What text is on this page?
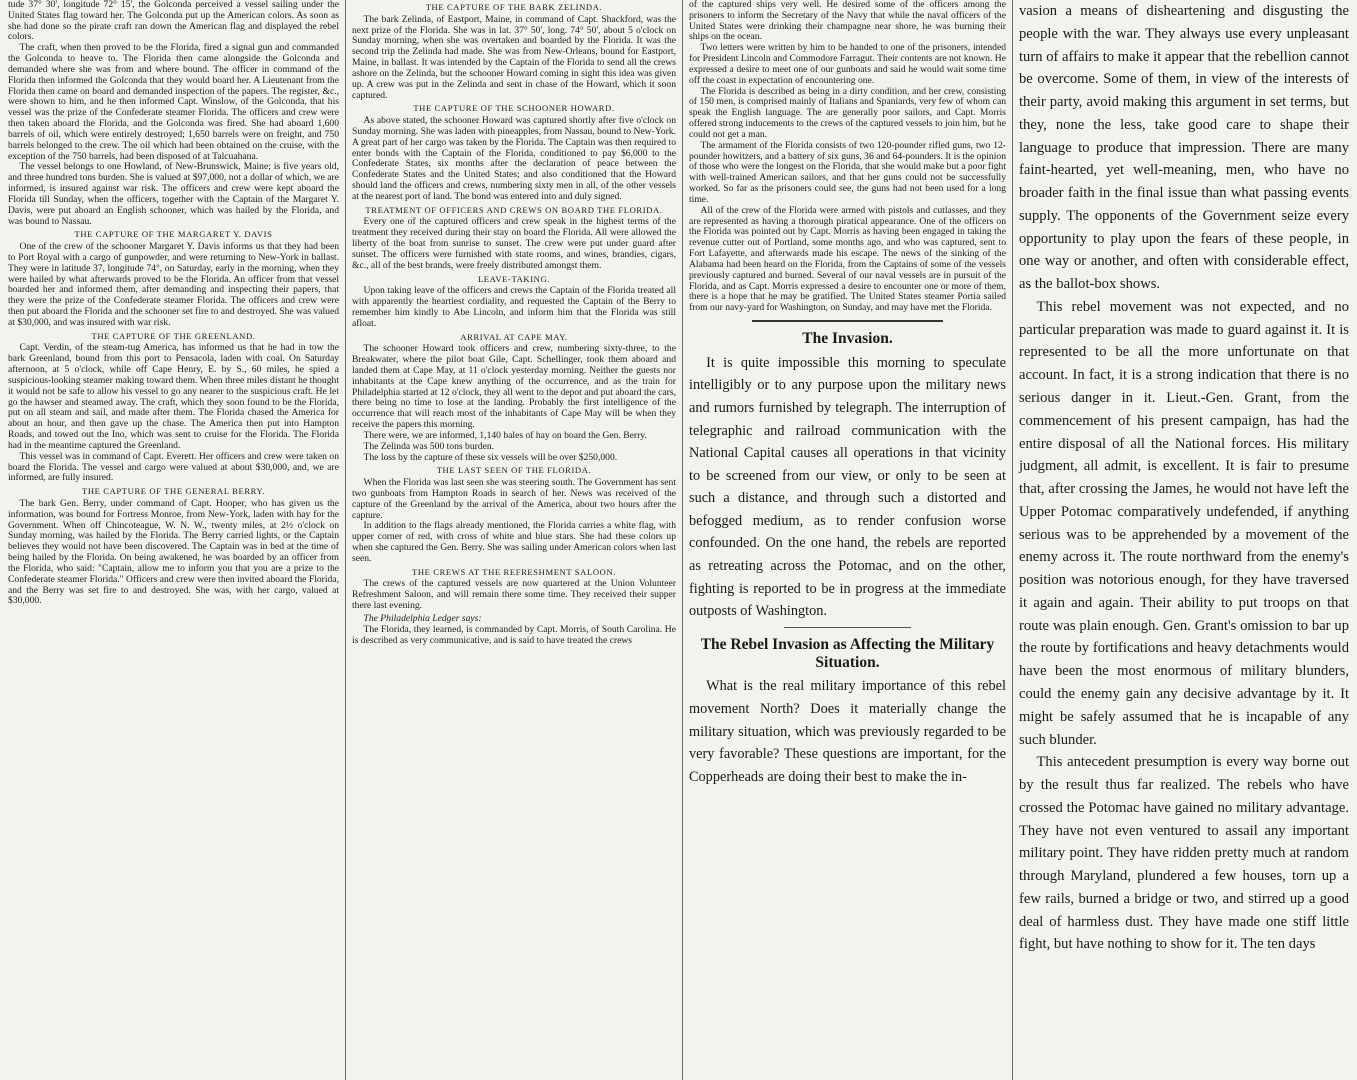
tude 37° 30', longitude 72° 15', the Golconda perceived a vessel sailing under the United States flag toward her. The Golconda put up the American colors. As soon as she had done so the pirate craft ran down the American flag and displayed the rebel colors.

The craft, when then proved to be the Florida, fired a signal gun and commanded the Golconda to heave to. The Florida then came alongside the Golconda and demanded where she was from and where bound. The officer in command of the Florida then informed the Golconda that they would board her. A Lieutenant from the Florida then came on board and demanded inspection of the papers. The register, &c., were shown to him, and he then informed Capt. Winslow, of the Golconda, that his vessel was the prize of the Confederate steamer Florida. The officers and crew were then taken aboard the Florida, and the Golconda was fired. She had aboard 1,600 barrels of oil, which were entirely destroyed; 1,650 barrels were on freight, and 750 barrels belonged to the crew. The oil which had been obtained on the cruise, with the exception of the 750 barrels, had been disposed of at Talcuahana.

The vessel belongs to one Howland, of New-Brunswick, Maine; is five years old, and three hundred tons burden. She is valued at $97,000, not a dollar of which, we are informed, is insured against war risk. The officers and crew were kept aboard the Florida till Sunday, when the officers, together with the Captain of the Margaret Y. Davis, were put aboard an English schooner, which was hailed by the Florida, and was bound to Nassau.

THE CAPTURE OF THE MARGARET Y. DAVIS

One of the crew of the schooner Margaret Y. Davis informs us that they had been to Port Royal with a cargo of gunpowder, and were returning to New-York in ballast. They were in latitude 37, longitude 74°, on Saturday, early in the morning, when they were hailed by what afterwards proved to be the Florida. An officer from that vessel boarded her and informed them, after demanding and inspecting their papers, that they were the prize of the Confederate steamer Florida. The officers and crew were then put aboard the Florida and the schooner set fire to and destroyed. She was valued at $30,000, and was insured with war risk.

THE CAPTURE OF THE GREENLAND.

Capt. Verdin, of the steam-tug America, has informed us that he had in tow the bark Greenland, bound from this port to Pensacola, laden with coal. On Saturday afternoon, at 5 o'clock, while off Cape Henry, E. by S., 60 miles, he spied a suspicious-looking steamer making toward them. When three miles distant he thought it would not be safe to allow his vessel to go any nearer to the suspicious craft. He let go the hawser and steamed away. The craft, which they soon found to be the Florida, put on all steam and sail, and made after them. The Florida chased the America for about an hour, and then gave up the chase. The America then put into Hampton Roads, and towed out the Ino, which was sent to cruise for the Florida. The Florida had in the meantime captured the Greenland.

This vessel was in command of Capt. Everett. Her officers and crew were taken on board the Florida. The vessel and cargo were valued at about $30,000, and, we are informed, are fully insured.

THE CAPTURE OF THE GENERAL BERRY.

The bark Gen. Berry, under command of Capt. Hooper, who has given us the information, was bound for Fortress Monroe, from New-York, laden with hay for the Government. When off Chincoteague, W. N. W., twenty miles, at 2½ o'clock on Sunday morning, was hailed by the Florida. The Berry carried lights, or the Captain believes they would not have been discovered. The Captain was in bed at the time of being hailed by the Florida. On being awakened, he was boarded by an officer from the Florida, who said: "Captain, allow me to inform you that you are a prize to the Confederate steamer Florida." Officers and crew were then invited aboard the Florida, and the Berry was set fire to and destroyed. She was, with her cargo, valued at $30,000.

THE CAPTURE OF THE BARK ZELINDA.

The bark Zelinda, of Eastport, Maine, in command of Capt. Shackford, was the next prize of the Florida. She was in lat. 37° 50', long. 74° 50', about 5 o'clock on Sunday morning, when she was overtaken and boarded by the Florida. It was the second trip the Zelinda had made. She was from New-Orleans, bound for Eastport, Maine, in ballast. It was intended by the Captain of the Florida to send all the crews ashore on the Zelinda, but the schooner Howard coming in sight this idea was given up. A crew was put in the Zelinda and sent in chase of the Howard, which it soon captured.

THE CAPTURE OF THE SCHOONER HOWARD.

As above stated, the schooner Howard was captured shortly after five o'clock on Sunday morning. She was laden with pineapples, from Nassau, bound to New-York. A great part of her cargo was taken by the Florida. The Captain was then required to enter bonds with the Captain of the Florida, conditioned to pay $6,000 to the Confederate States, six months after the declaration of peace between the Confederate States and the United States; and also conditioned that the Howard should land the officers and crews, numbering sixty men in all, of the other vessels at the nearest port of land. The bond was entered into and duly signed.

TREATMENT OF OFFICERS AND CREWS ON BOARD THE FLORIDA.

Every one of the captured officers and crew speak in the highest terms of the treatment they received during their stay on board the Florida. All were allowed the liberty of the boat from sunrise to sunset. The crew were put under guard after sunset. The officers were furnished with state rooms, and wines, brandies, cigars, &c., all of the best brands, were freely distributed amongst them.

LEAVE-TAKING.

Upon taking leave of the officers and crews the Captain of the Florida treated all with apparently the heartiest cordiality, and requested the Captain of the Berry to remember him kindly to Abe Lincoln, and inform him that the Florida was still afloat.

ARRIVAL AT CAPE MAY.

The schooner Howard took officers and crew, numbering sixty-three, to the Breakwater, where the pilot boat Gile, Capt. Schellinger, took them aboard and landed them at Cape May, at 11 o'clock yesterday morning. Neither the guests nor inhabitants at the Cape knew anything of the occurrence, and as the train for Philadelphia started at 12 o'clock, they all went to the depot and put aboard the cars, there being no time to lose at the landing. Probably the first intelligence of the occurrence that will reach most of the inhabitants of Cape May will be when they receive the papers this morning.

There were, we are informed, 1,140 bales of hay on board the Gen. Berry.

The Zelinda was 500 tons burden.

The loss by the capture of these six vessels will be over $250,000.

THE LAST SEEN OF THE FLORIDA.

When the Florida was last seen she was steering south. The Government has sent two gunboats from Hampton Roads in search of her. News was received of the capture of the Greenland by the arrival of the America, about two hours after the capture.

In addition to the flags already mentioned, the Florida carries a white flag, with upper corner of red, with cross of white and blue stars. She had these colors up when she captured the Gen. Berry. She was sailing under American colors when last seen.

THE CREWS AT THE REFRESHMENT SALOON.

The crews of the captured vessels are now quartered at the Union Volunteer Refreshment Saloon, and will remain there some time. They received their supper there last evening.

The Philadelphia Ledger says:

The Florida, they learned, is commanded by Capt. Morris, of South Carolina. He is described as very communicative, and is said to have treated the crews

of the captured ships very well. He desired some of the officers among the prisoners to inform the Secretary of the Navy that while the naval officers of the United States were drinking their champagne near shore, he was burning their ships on the ocean.

Two letters were written by him to be handed to one of the prisoners, intended for President Lincoln and Commodore Farragut. Their contents are not known. He expressed a desire to meet one of our gunboats and said he would wait some time off the coast in expectation of encountering one.

The Florida is described as being in a dirty condition, and her crew, consisting of 150 men, is comprised mainly of Italians and Spaniards, very few of whom can speak the English language. The are generally poor sailors, and Capt. Morris offered strong inducements to the crews of the captured vessels to join him, but he could not get a man.

The armament of the Florida consists of two 120-pounder rifled guns, two 12-pounder howitzers, and a battery of six guns, 36 and 64-pounders. It is the opinion of those who were the longest on the Florida, that she would make but a poor fight with well-trained American sailors, and that her guns could not be successfully worked. So far as the prisoners could see, the guns had not been used for a long time.

All of the crew of the Florida were armed with pistols and cutlasses, and they are represented as having a thorough piratical appearance. One of the officers on the Florida was pointed out by Capt. Morris as having been engaged in taking the revenue cutter out of Portland, some months ago, and who was captured, sent to Fort Lafayette, and afterwards made his escape. The news of the sinking of the Alabama had been heard on the Florida, from the Captains of some of the vessels previously captured and burned. Several of our naval vessels are in pursuit of the Florida, and as Capt. Morris expressed a desire to encounter one or more of them, there is a hope that he may be gratified. The United States steamer Portia sailed from our navy-yard for Washington, on Sunday, and may have met the Florida.

The Invasion.

It is quite impossible this morning to speculate intelligibly or to any purpose upon the military news and rumors furnished by telegraph. The interruption of telegraphic and railroad communication with the National Capital causes all operations in that vicinity to be screened from our view, or only to be seen at such a distance, and through such a distorted and befogged medium, as to render confusion worse confounded. On the one hand, the rebels are reported as retreating across the Potomac, and on the other, fighting is reported to be in progress at the immediate outposts of Washington.

The Rebel Invasion as Affecting the Military Situation.

What is the real military importance of this rebel movement North? Does it materially change the military situation, which was previously regarded to be very favorable? These questions are important, for the Copperheads are doing their best to make the in-

vasion a means of disheartening and disgusting the people with the war. They always use every unpleasant turn of affairs to make it appear that the rebellion cannot be overcome. Some of them, in view of the interests of their party, avoid making this argument in set terms, but they, none the less, take good care to shape their language to produce that impression. There are many faint-hearted, yet well-meaning, men, who have no broader faith in the final issue than what passing events supply. The opponents of the Government seize every opportunity to play upon the fears of these people, in one way or another, and often with considerable effect, as the ballot-box shows.

This rebel movement was not expected, and no particular preparation was made to guard against it. It is represented to be all the more unfortunate on that account. In fact, it is a strong indication that there is no serious danger in it. Lieut.-Gen. Grant, from the commencement of his present campaign, has had the entire disposal of all the National forces. His military judgment, all admit, is excellent. It is fair to presume that, after crossing the James, he would not have left the Upper Potomac comparatively undefended, if anything serious was to be apprehended by a movement of the enemy across it. The route northward from the enemy's position was notorious enough, for they have traversed it again and again. Their ability to put troops on that route was plain enough. Gen. Grant's omission to bar up the route by fortifications and heavy detachments would have been the most enormous of military blunders, could the enemy gain any decisive advantage by it. It might be safely assumed that he is incapable of any such blunder.

This antecedent presumption is every way borne out by the result thus far realized. The rebels who have crossed the Potomac have gained no military advantage. They have not even ventured to assail any important military point. They have ridden pretty much at random through Maryland, plundered a few houses, torn up a few rails, burned a bridge or two, and stirred up a good deal of harmless dust. They have made one stiff little fight, but have nothing to show for it. The ten days
